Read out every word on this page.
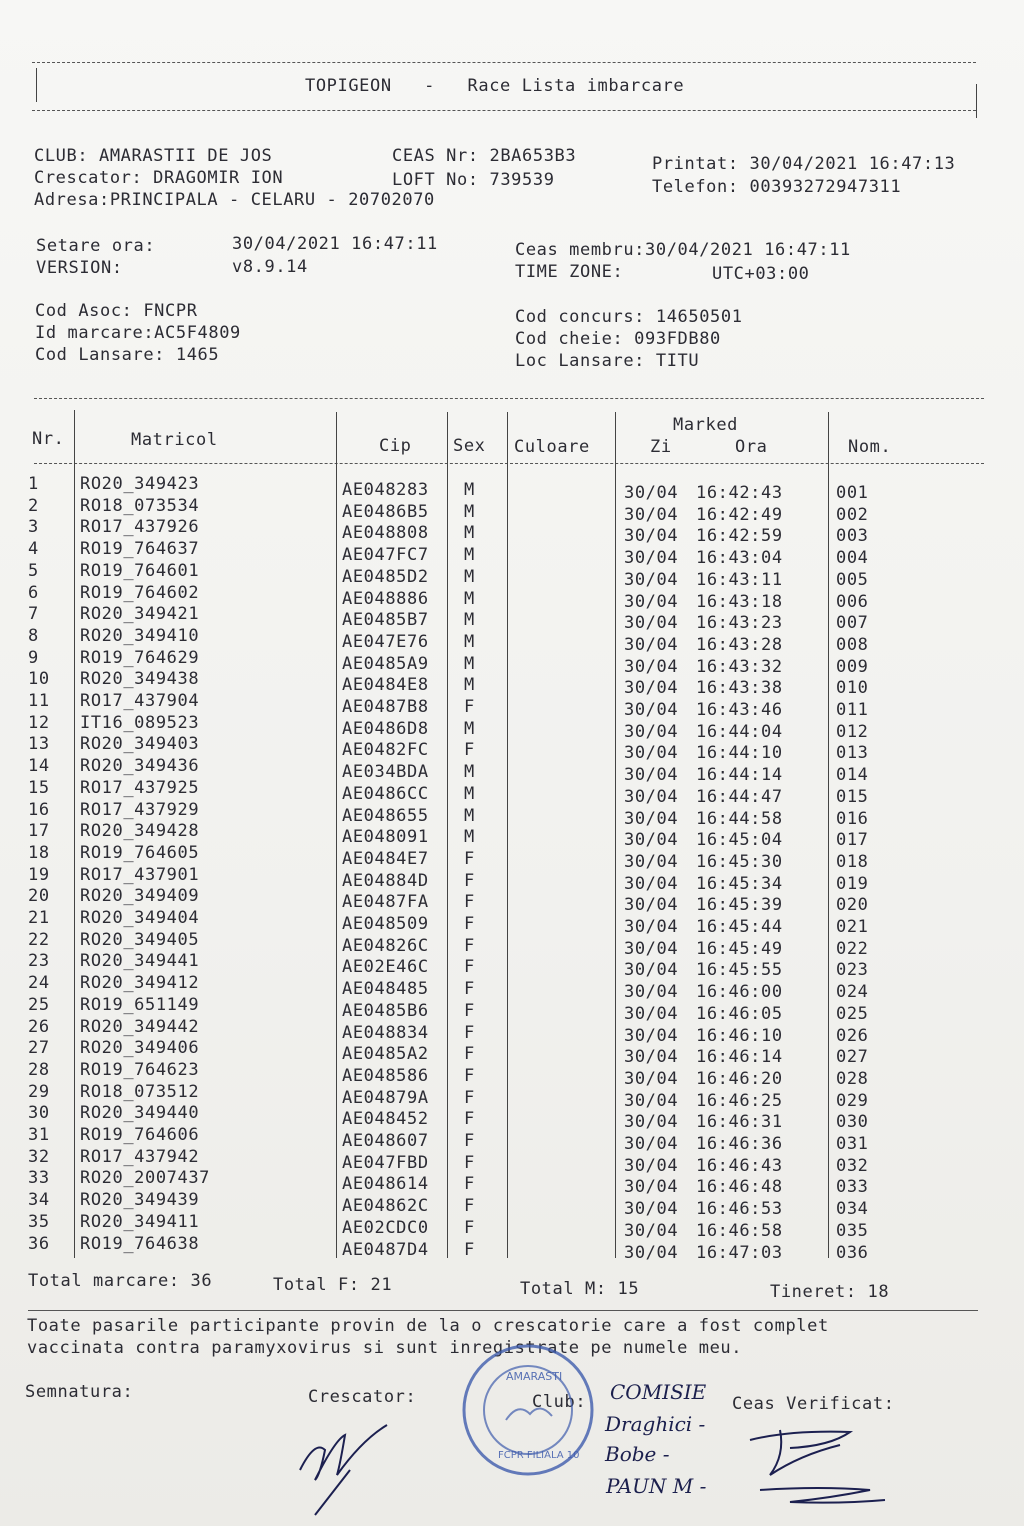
TOPIGEON   -   Race Lista imbarcare
CLUB: AMARASTII DE JOS
Crescator: DRAGOMIR ION
Adresa:PRINCIPALA - CELARU - 20702070
CEAS Nr: 2BA653B3
LOFT No: 739539
Printat: 30/04/2021 16:47:13
Telefon: 00393272947311
Setare ora:	30/04/2021 16:47:11
VERSION:	v8.9.14
Ceas membru:30/04/2021 16:47:11
TIME ZONE:	UTC+03:00
Cod Asoc: FNCPR
Id marcare:AC5F4809
Cod Lansare: 1465
Cod concurs: 14650501
Cod cheie: 093FDB80
Loc Lansare: TITU
Nr.	Matricol	Cip Sex Culoare
Marked
Zi	Ora	Nom.
1 RO20_349423	AE048283 M	30/04 16:42:43	001
2 RO18_073534	AE0486B5 M	30/04 16:42:49	002
3 RO17_437926	AE048808 M	30/04 16:42:59	003
4 RO19_764637	AE047FC7 M	30/04 16:43:04	004
5 RO19_764601	AE0485D2 M	30/04 16:43:11	005
6 RO19_764602	AE048886 M	30/04 16:43:18	006
7 RO20_349421	AE0485B7 M	30/04 16:43:23	007
8 RO20_349410	AE047E76 M	30/04 16:43:28	008
9 RO19_764629	AE0485A9 M	30/04 16:43:32	009
10 RO20_349438	AE0484E8 M	30/04 16:43:38	010
11 RO17_437904	AE0487B8 F	30/04 16:43:46	011
12 IT16_089523	AE0486D8 M	30/04 16:44:04	012
13 RO20_349403	AE0482FC F	30/04 16:44:10	013
14 RO20_349436	AE034BDA M	30/04 16:44:14	014
15 RO17_437925	AE0486CC M	30/04 16:44:47	015
16 RO17_437929	AE048655 M	30/04 16:44:58	016
17 RO20_349428	AE048091 M	30/04 16:45:04	017
18 RO19_764605	AE0484E7 F	30/04 16:45:30	018
19 RO17_437901	AE04884D F	30/04 16:45:34	019
20 RO20_349409	AE0487FA F	30/04 16:45:39	020
21 RO20_349404	AE048509 F	30/04 16:45:44	021
22 RO20_349405	AE04826C F	30/04 16:45:49	022
23 RO20_349441	AE02E46C F	30/04 16:45:55	023
24 RO20_349412	AE048485 F	30/04 16:46:00	024
25 RO19_651149	AE0485B6 F	30/04 16:46:05	025
26 RO20_349442	AE048834 F	30/04 16:46:10	026
27 RO20_349406	AE0485A2 F	30/04 16:46:14	027
28 RO19_764623	AE048586 F	30/04 16:46:20	028
29 RO18_073512	AE04879A F	30/04 16:46:25	029
30 RO20_349440	AE048452 F	30/04 16:46:31	030
31 RO19_764606	AE048607 F	30/04 16:46:36	031
32 RO17_437942	AE047FBD F	30/04 16:46:43	032
33 RO20_2007437	AE048614 F	30/04 16:46:48	033
34 RO20_349439	AE04862C F	30/04 16:46:53	034
35 RO20_349411	AE02CDC0 F	30/04 16:46:58	035
36 RO19_764638	AE0487D4 F	30/04 16:47:03	036
Total marcare: 36	Total F: 21	Total M: 15	Tineret: 18
Toate pasarile participante provin de la o crescatorie care a fost complet
vaccinata contra paramyxovirus si sunt inregistrate pe numele meu.
Semnatura:	Crescator:	Club:	Ceas Verificat:
AMARASTI
FCPR FILIALA 10
COMISIE
Draghici -
Bobe -
PAUN M -
